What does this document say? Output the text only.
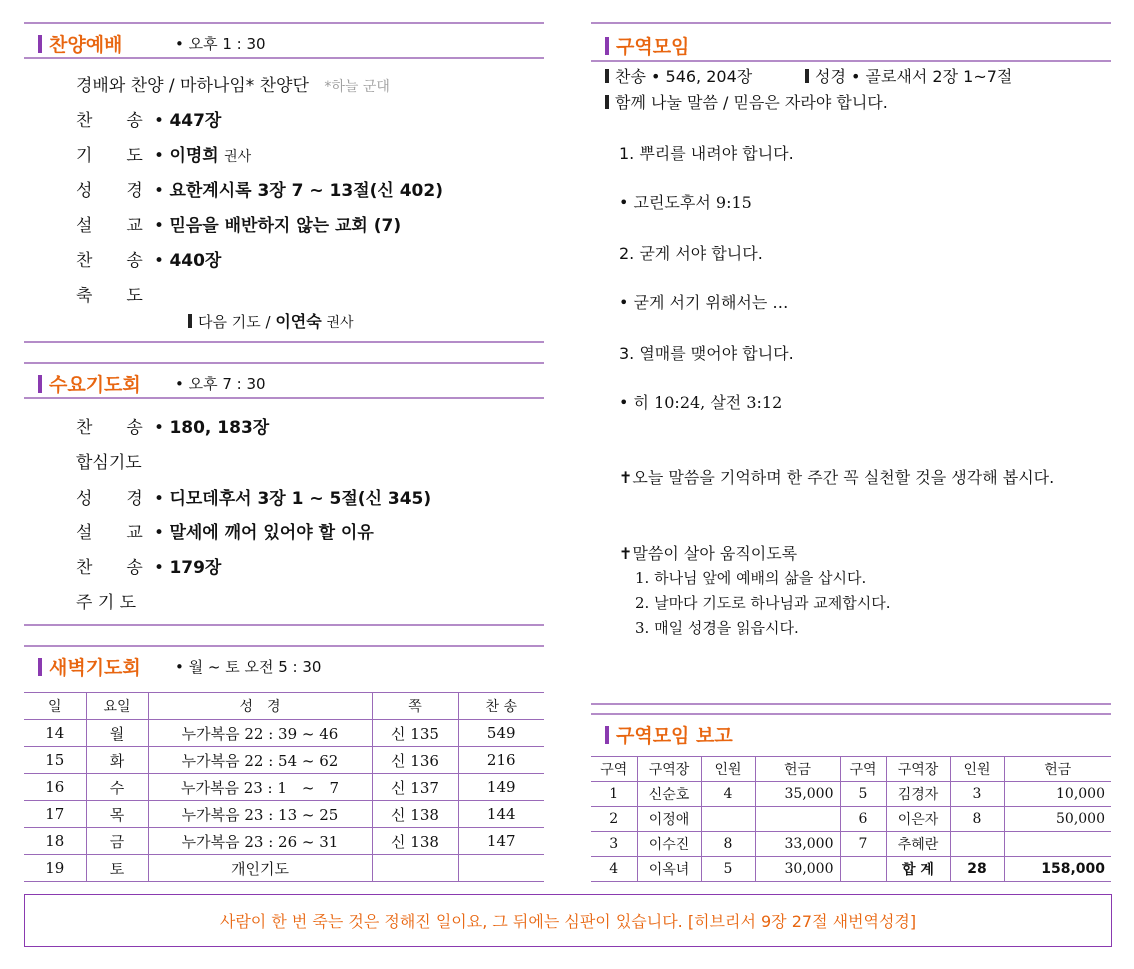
찬양예배	• 오후 1 : 30
경배와 찬양 / 마하나임* 찬양단 *하늘 군대
찬　　송 • 447장
기　　도 • 이명희 권사
성　　경 • 요한계시록 3장 7 ~ 13절(신 402)
설　　교 • 믿음을 배반하지 않는 교회 (7)
찬　　송 • 440장
축　　도
다음 기도 / 이연숙 권사
수요기도회 • 오후 7 : 30
찬　　송 • 180, 183장
합심기도
성　　경 • 디모데후서 3장 1 ~ 5절(신 345)
설　　교 • 말세에 깨어 있어야 할 이유
찬　　송 • 179장
주 기 도
새벽기도회 • 월 ~ 토 오전 5 : 30
일	요일	성　경	쪽	찬 송
14	월	누가복음 22 : 39 ~ 46	신 135	549
15	화	누가복음 22 : 54 ~ 62	신 136	216
16	수	누가복음 23 : 1　~　7	신 137	149
17	목	누가복음 23 : 13 ~ 25	신 138	144
18	금	누가복음 23 : 26 ~ 31	신 138	147
19	토	개인기도		
구역모임
찬송 • 546, 204장	성경 • 골로새서 2장 1~7절
함께 나눌 말씀 / 믿음은 자라야 합니다.
1. 뿌리를 내려야 합니다.
• 고린도후서 9:15
2. 굳게 서야 합니다.
• 굳게 서기 위해서는 …
3. 열매를 맺어야 합니다.
• 히 10:24, 살전 3:12
✝오늘 말씀을 기억하며 한 주간 꼭 실천할 것을 생각해 봅시다.
✝말씀이 살아 움직이도록
1. 하나님 앞에 예배의 삶을 삽시다.
2. 날마다 기도로 하나님과 교제합시다.
3. 매일 성경을 읽읍시다.
구역모임 보고
구역	구역장	인원	헌금	구역	구역장	인원	헌금
1	신순호	4	35,000	5	김경자	3	10,000
2	이정애			6	이은자	8	50,000
3	이수진	8	33,000	7	추혜란		
4	이옥녀	5	30,000		합 계	28	158,000
사람이 한 번 죽는 것은 정해진 일이요, 그 뒤에는 심판이 있습니다. [히브리서 9장 27절 새번역성경]
